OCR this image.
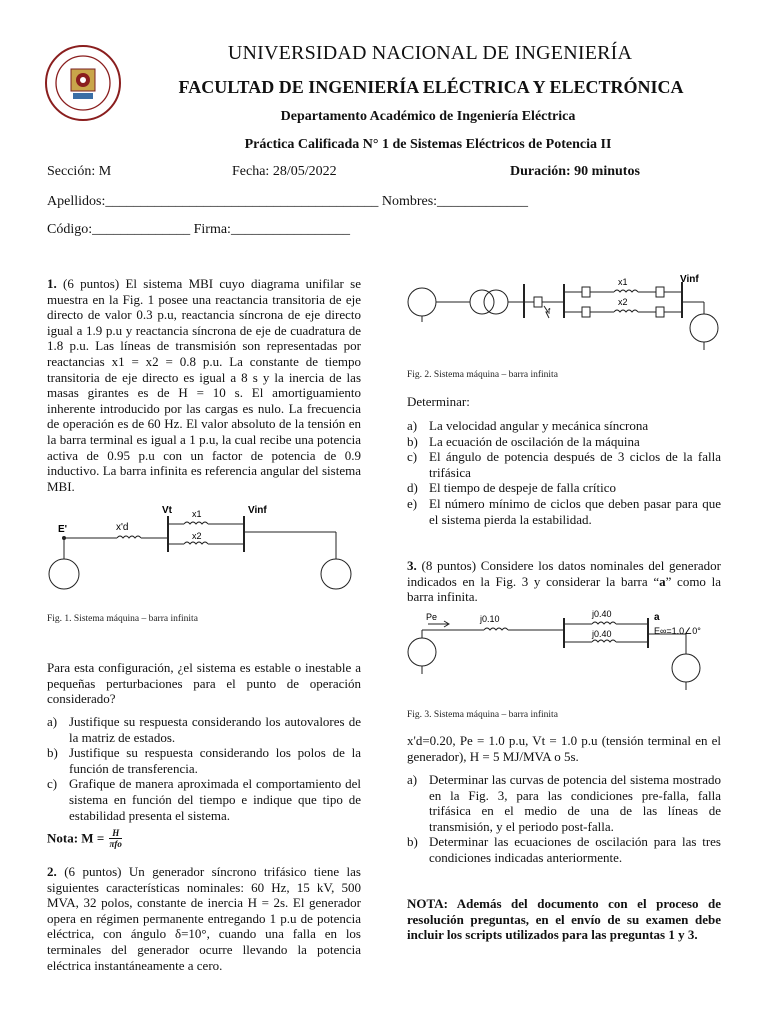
UNIVERSIDAD NACIONAL DE INGENIERÍA
FACULTAD DE INGENIERÍA ELÉCTRICA Y ELECTRÓNICA
Departamento Académico de Ingeniería Eléctrica
Práctica Calificada N° 1 de Sistemas Eléctricos de Potencia II
Sección: M	Fecha: 28/05/2022	Duración: 90 minutos
Apellidos:_______________________________________ Nombres:_____________
Código:______________ Firma:_________________
1. (6 puntos) El sistema MBI cuyo diagrama unifilar se muestra en la Fig. 1 posee una reactancia transitoria de eje directo de valor 0.3 p.u, reactancia síncrona de eje directo igual a 1.9 p.u y reactancia síncrona de eje de cuadratura de 1.8 p.u. Las líneas de transmisión son representadas por reactancias x1 = x2 = 0.8 p.u. La constante de tiempo transitoria de eje directo es igual a 8 s y la inercia de las masas girantes es de H = 10 s. El amortiguamiento inherente introducido por las cargas es nulo. La frecuencia de operación es de 60 Hz. El valor absoluto de la tensión en la barra terminal es igual a 1 p.u, la cual recibe una potencia activa de 0.95 p.u con un factor de potencia de 0.9 inductivo. La barra infinita es referencia angular del sistema MBI.
E'	x'd
Vt x1
x2
Vinf
Fig. 1. Sistema máquina – barra infinita
Para esta configuración, ¿el sistema es estable o inestable a pequeñas perturbaciones para el punto de operación considerado?
a) Justifique su respuesta considerando los autovalores de la matriz de estados.
b) Justifique su respuesta considerando los polos de la función de transferencia.
c) Grafique de manera aproximada el comportamiento del sistema en función del tiempo e indique que tipo de estabilidad presenta el sistema.
Nota: M = H
πfo
2. (6 puntos) Un generador síncrono trifásico tiene las siguientes características nominales: 60 Hz, 15 kV, 500 MVA, 32 polos, constante de inercia H = 2s. El generador opera en régimen permanente entregando 1 p.u de potencia eléctrica, con ángulo δ=10°, cuando una falla en los terminales del generador ocurre llevando la potencia eléctrica instantáneamente a cero.
f
x1
x2
Vinf
Fig. 2. Sistema máquina – barra infinita
Determinar:
a) La velocidad angular y mecánica síncrona
b) La ecuación de oscilación de la máquina
c) El ángulo de potencia después de 3 ciclos de la falla trifásica
d) El tiempo de despeje de falla crítico
e) El número mínimo de ciclos que deben pasar para que el sistema pierda la estabilidad.
3. (8 puntos) Considere los datos nominales del generador indicados en la Fig. 3 y considerar la barra “a” como la barra infinita.
Pe	j0.10	j0.40
j0.40
a
E∞=1.0∠0°
Fig. 3. Sistema máquina – barra infinita
x'd=0.20, Pe = 1.0 p.u, Vt = 1.0 p.u (tensión terminal en el generador), H = 5 MJ/MVA o 5s.
a) Determinar las curvas de potencia del sistema mostrado en la Fig. 3, para las condiciones pre-falla, falla trifásica en el medio de una de las líneas de transmisión, y el periodo post-falla.
b) Determinar las ecuaciones de oscilación para las tres condiciones indicadas anteriormente.
NOTA: Además del documento con el proceso de resolución preguntas, en el envío de su examen debe incluir los scripts utilizados para las preguntas 1 y 3.
